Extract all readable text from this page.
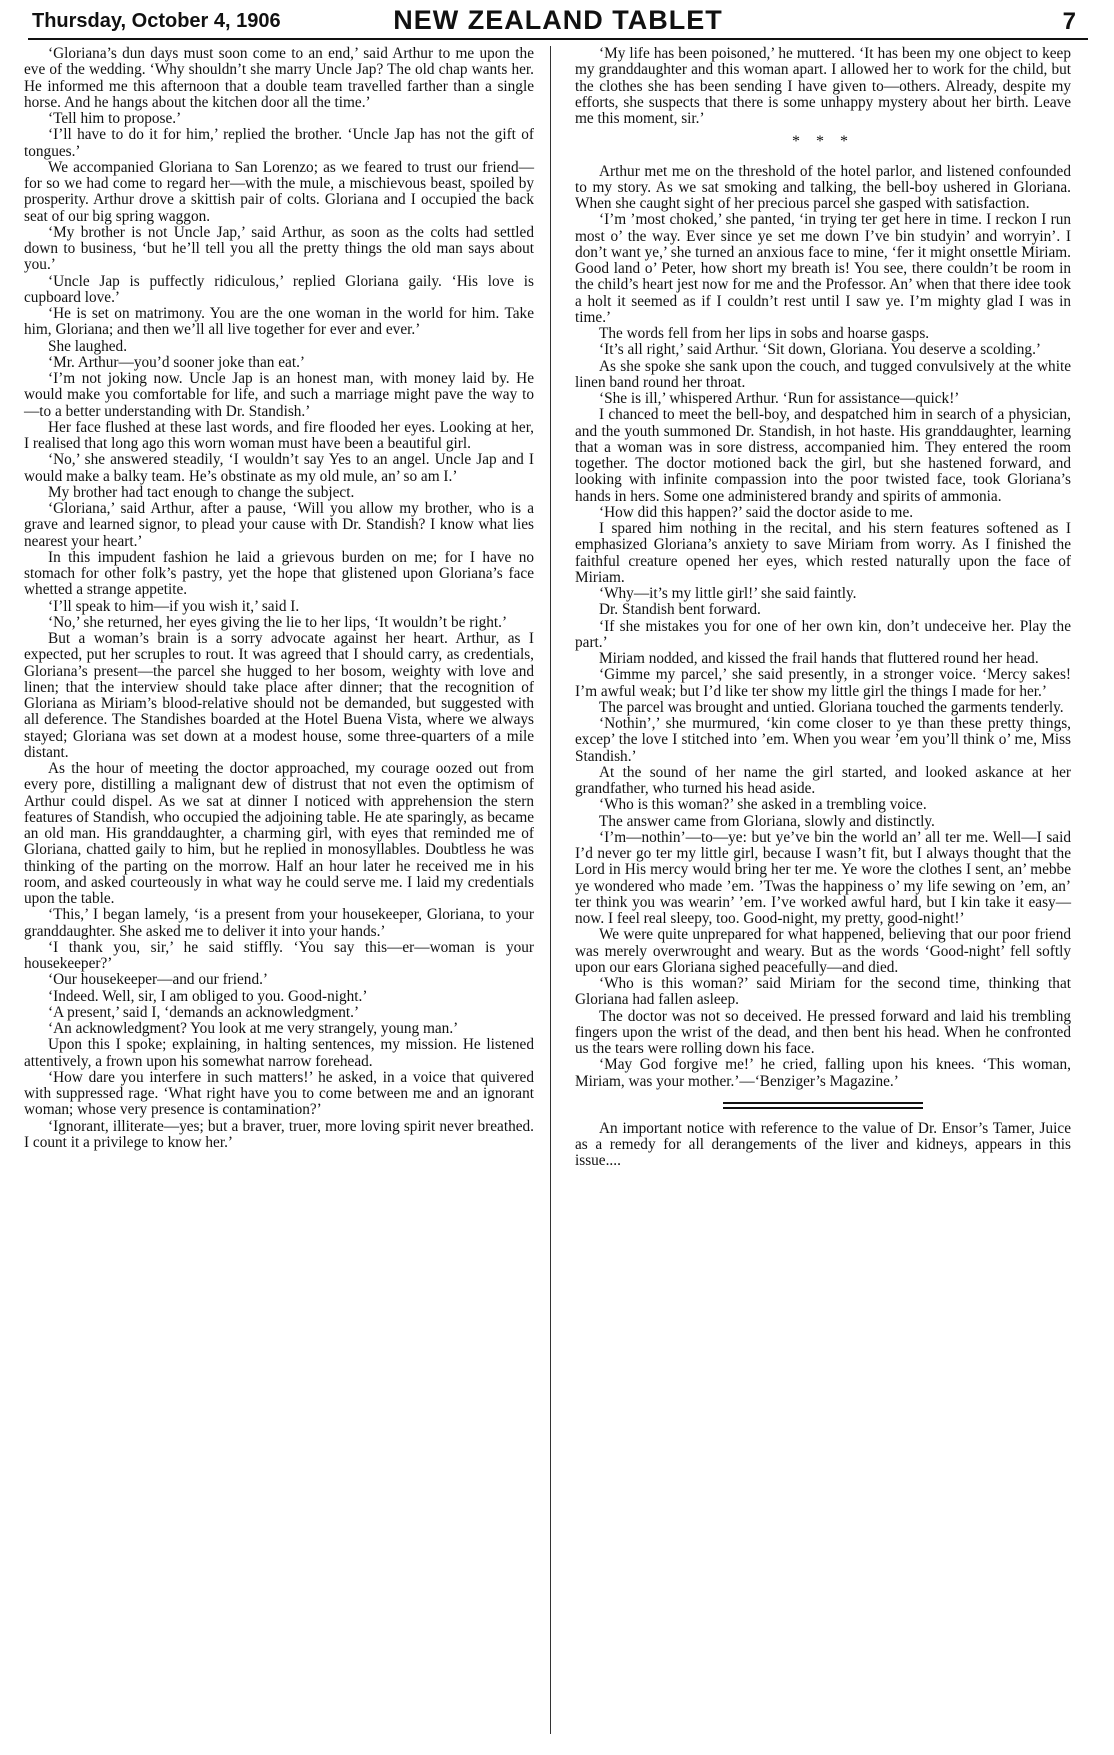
Thursday, October 4, 1906	NEW ZEALAND TABLET	7

‘Gloriana’s dun days must soon come to an end,’ said Arthur to me upon the eve of the wedding. ‘Why shouldn’t she marry Uncle Jap? The old chap wants her. He informed me this afternoon that a double team travelled farther than a single horse. And he hangs about the kitchen door all the time.’

‘Tell him to propose.’

‘I’ll have to do it for him,’ replied the brother. ‘Uncle Jap has not the gift of tongues.’

We accompanied Gloriana to San Lorenzo; as we feared to trust our friend—for so we had come to regard her—with the mule, a mischievous beast, spoiled by prosperity. Arthur drove a skittish pair of colts. Gloriana and I occupied the back seat of our big spring waggon.

‘My brother is not Uncle Jap,’ said Arthur, as soon as the colts had settled down to business, ‘but he’ll tell you all the pretty things the old man says about you.’

‘Uncle Jap is puffectly ridiculous,’ replied Gloriana gaily. ‘His love is cupboard love.’

‘He is set on matrimony. You are the one woman in the world for him. Take him, Gloriana; and then we’ll all live together for ever and ever.’

She laughed.

‘Mr. Arthur—you’d sooner joke than eat.’

‘I’m not joking now. Uncle Jap is an honest man, with money laid by. He would make you comfortable for life, and such a marriage might pave the way to—to a better understanding with Dr. Standish.’

Her face flushed at these last words, and fire flooded her eyes. Looking at her, I realised that long ago this worn woman must have been a beautiful girl.

‘No,’ she answered steadily, ‘I wouldn’t say Yes to an angel. Uncle Jap and I would make a balky team. He’s obstinate as my old mule, an’ so am I.’

My brother had tact enough to change the subject.

‘Gloriana,’ said Arthur, after a pause, ‘Will you allow my brother, who is a grave and learned signor, to plead your cause with Dr. Standish? I know what lies nearest your heart.’

In this impudent fashion he laid a grievous burden on me; for I have no stomach for other folk’s pastry, yet the hope that glistened upon Gloriana’s face whetted a strange appetite.

‘I’ll speak to him—if you wish it,’ said I.

‘No,’ she returned, her eyes giving the lie to her lips, ‘It wouldn’t be right.’

But a woman’s brain is a sorry advocate against her heart. Arthur, as I expected, put her scruples to rout. It was agreed that I should carry, as credentials, Gloriana’s present—the parcel she hugged to her bosom, weighty with love and linen; that the interview should take place after dinner; that the recognition of Gloriana as Miriam’s blood-relative should not be demanded, but suggested with all deference. The Standishes boarded at the Hotel Buena Vista, where we always stayed; Gloriana was set down at a modest house, some three-quarters of a mile distant.

As the hour of meeting the doctor approached, my courage oozed out from every pore, distilling a malignant dew of distrust that not even the optimism of Arthur could dispel. As we sat at dinner I noticed with apprehension the stern features of Standish, who occupied the adjoining table. He ate sparingly, as became an old man. His granddaughter, a charming girl, with eyes that reminded me of Gloriana, chatted gaily to him, but he replied in monosyllables. Doubtless he was thinking of the parting on the morrow. Half an hour later he received me in his room, and asked courteously in what way he could serve me. I laid my credentials upon the table.

‘This,’ I began lamely, ‘is a present from your housekeeper, Gloriana, to your granddaughter. She asked me to deliver it into your hands.’

‘I thank you, sir,’ he said stiffly. ‘You say this—er—woman is your housekeeper?’

‘Our housekeeper—and our friend.’

‘Indeed. Well, sir, I am obliged to you. Good-night.’

‘A present,’ said I, ‘demands an acknowledgment.’

‘An acknowledgment? You look at me very strangely, young man.’

Upon this I spoke; explaining, in halting sentences, my mission. He listened attentively, a frown upon his somewhat narrow forehead.

‘How dare you interfere in such matters!’ he asked, in a voice that quivered with suppressed rage. ‘What right have you to come between me and an ignorant woman; whose very presence is contamination?’

‘Ignorant, illiterate—yes; but a braver, truer, more loving spirit never breathed. I count it a privilege to know her.’

‘My life has been poisoned,’ he muttered. ‘It has been my one object to keep my granddaughter and this woman apart. I allowed her to work for the child, but the clothes she has been sending I have given to—others. Already, despite my efforts, she suspects that there is some unhappy mystery about her birth. Leave me this moment, sir.’

* * *

Arthur met me on the threshold of the hotel parlor, and listened confounded to my story. As we sat smoking and talking, the bell-boy ushered in Gloriana. When she caught sight of her precious parcel she gasped with satisfaction.

‘I’m ’most choked,’ she panted, ‘in trying ter get here in time. I reckon I run most o’ the way. Ever since ye set me down I’ve bin studyin’ and worryin’. I don’t want ye,’ she turned an anxious face to mine, ‘fer it might onsettle Miriam. Good land o’ Peter, how short my breath is! You see, there couldn’t be room in the child’s heart jest now for me and the Professor. An’ when that there idee took a holt it seemed as if I couldn’t rest until I saw ye. I’m mighty glad I was in time.’

The words fell from her lips in sobs and hoarse gasps.

‘It’s all right,’ said Arthur. ‘Sit down, Gloriana. You deserve a scolding.’

As she spoke she sank upon the couch, and tugged convulsively at the white linen band round her throat.

‘She is ill,’ whispered Arthur. ‘Run for assistance—quick!’

I chanced to meet the bell-boy, and despatched him in search of a physician, and the youth summoned Dr. Standish, in hot haste. His granddaughter, learning that a woman was in sore distress, accompanied him. They entered the room together. The doctor motioned back the girl, but she hastened forward, and looking with infinite compassion into the poor twisted face, took Gloriana’s hands in hers. Some one administered brandy and spirits of ammonia.

‘How did this happen?’ said the doctor aside to me.

I spared him nothing in the recital, and his stern features softened as I emphasized Gloriana’s anxiety to save Miriam from worry. As I finished the faithful creature opened her eyes, which rested naturally upon the face of Miriam.

‘Why—it’s my little girl!’ she said faintly.

Dr. Standish bent forward.

‘If she mistakes you for one of her own kin, don’t undeceive her. Play the part.’

Miriam nodded, and kissed the frail hands that fluttered round her head.

‘Gimme my parcel,’ she said presently, in a stronger voice. ‘Mercy sakes! I’m awful weak; but I’d like ter show my little girl the things I made for her.’

The parcel was brought and untied. Gloriana touched the garments tenderly.

‘Nothin’,’ she murmured, ‘kin come closer to ye than these pretty things, excep’ the love I stitched into ’em. When you wear ’em you’ll think o’ me, Miss Standish.’

At the sound of her name the girl started, and looked askance at her grandfather, who turned his head aside.

‘Who is this woman?’ she asked in a trembling voice.

The answer came from Gloriana, slowly and distinctly.

‘I’m—nothin’—to—ye: but ye’ve bin the world an’ all ter me. Well—I said I’d never go ter my little girl, because I wasn’t fit, but I always thought that the Lord in His mercy would bring her ter me. Ye wore the clothes I sent, an’ mebbe ye wondered who made ’em. ’Twas the happiness o’ my life sewing on ’em, an’ ter think you was wearin’ ’em. I’ve worked awful hard, but I kin take it easy—now. I feel real sleepy, too. Good-night, my pretty, good-night!’

We were quite unprepared for what happened, believing that our poor friend was merely overwrought and weary. But as the words ‘Good-night’ fell softly upon our ears Gloriana sighed peacefully—and died.

‘Who is this woman?’ said Miriam for the second time, thinking that Gloriana had fallen asleep.

The doctor was not so deceived. He pressed forward and laid his trembling fingers upon the wrist of the dead, and then bent his head. When he confronted us the tears were rolling down his face.

‘May God forgive me!’ he cried, falling upon his knees. ‘This woman, Miriam, was your mother.’—‘Benziger’s Magazine.’

An important notice with reference to the value of Dr. Ensor’s Tamer, Juice as a remedy for all derangements of the liver and kidneys, appears in this issue....
